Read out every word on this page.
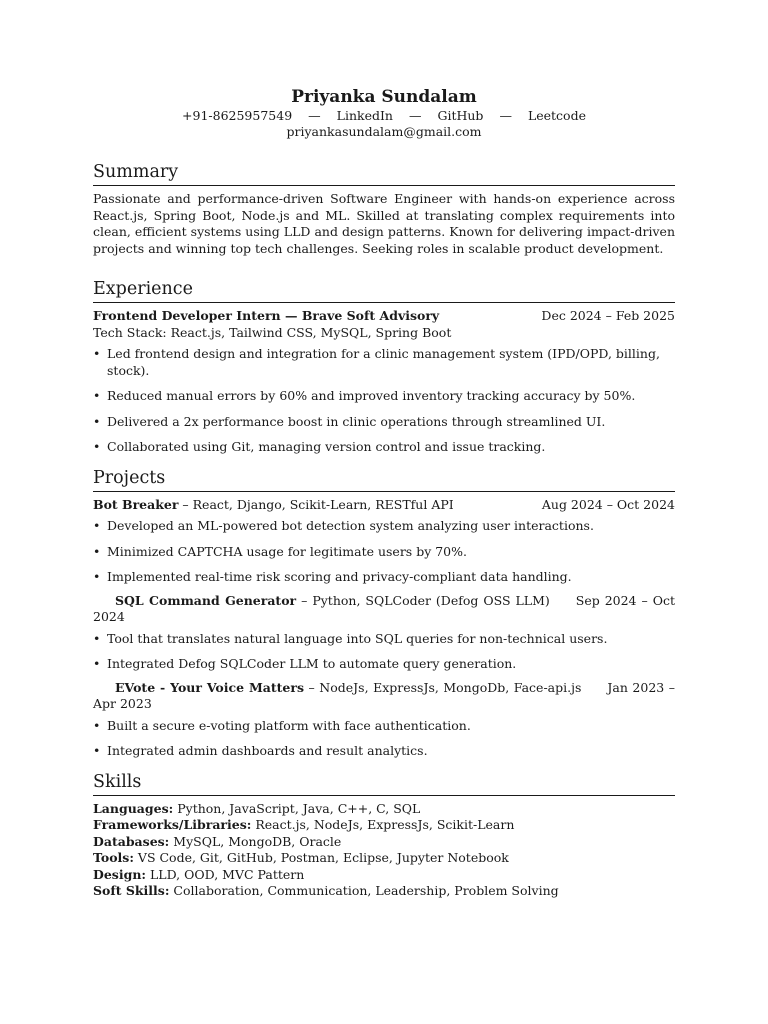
Priyanka Sundalam
+91-8625957549 — LinkedIn — GitHub — Leetcode
priyankasundalam@gmail.com
Summary
Passionate and performance-driven Software Engineer with hands-on experience across React.js, Spring Boot, Node.js and ML. Skilled at translating complex requirements into clean, efficient systems using LLD and design patterns. Known for delivering impact-driven projects and winning top tech challenges. Seeking roles in scalable product development.
Experience
Frontend Developer Intern — Brave Soft Advisory	Dec 2024 – Feb 2025
Tech Stack: React.js, Tailwind CSS, MySQL, Spring Boot
• Led frontend design and integration for a clinic management system (IPD/OPD, billing, stock).
• Reduced manual errors by 60% and improved inventory tracking accuracy by 50%.
• Delivered a 2x performance boost in clinic operations through streamlined UI.
• Collaborated using Git, managing version control and issue tracking.
Projects
Bot Breaker – React, Django, Scikit-Learn, RESTful API	Aug 2024 – Oct 2024
• Developed an ML-powered bot detection system analyzing user interactions.
• Minimized CAPTCHA usage for legitimate users by 70%.
• Implemented real-time risk scoring and privacy-compliant data handling.
SQL Command Generator – Python, SQLCoder (Defog OSS LLM) Sep 2024 – Oct 2024
• Tool that translates natural language into SQL queries for non-technical users.
• Integrated Defog SQLCoder LLM to automate query generation.
EVote - Your Voice Matters – NodeJs, ExpressJs, MongoDb, Face-api.js Jan 2023 – Apr 2023
• Built a secure e-voting platform with face authentication.
• Integrated admin dashboards and result analytics.
Skills
Languages: Python, JavaScript, Java, C++, C, SQL
Frameworks/Libraries: React.js, NodeJs, ExpressJs, Scikit-Learn
Databases: MySQL, MongoDB, Oracle
Tools: VS Code, Git, GitHub, Postman, Eclipse, Jupyter Notebook
Design: LLD, OOD, MVC Pattern
Soft Skills: Collaboration, Communication, Leadership, Problem Solving
